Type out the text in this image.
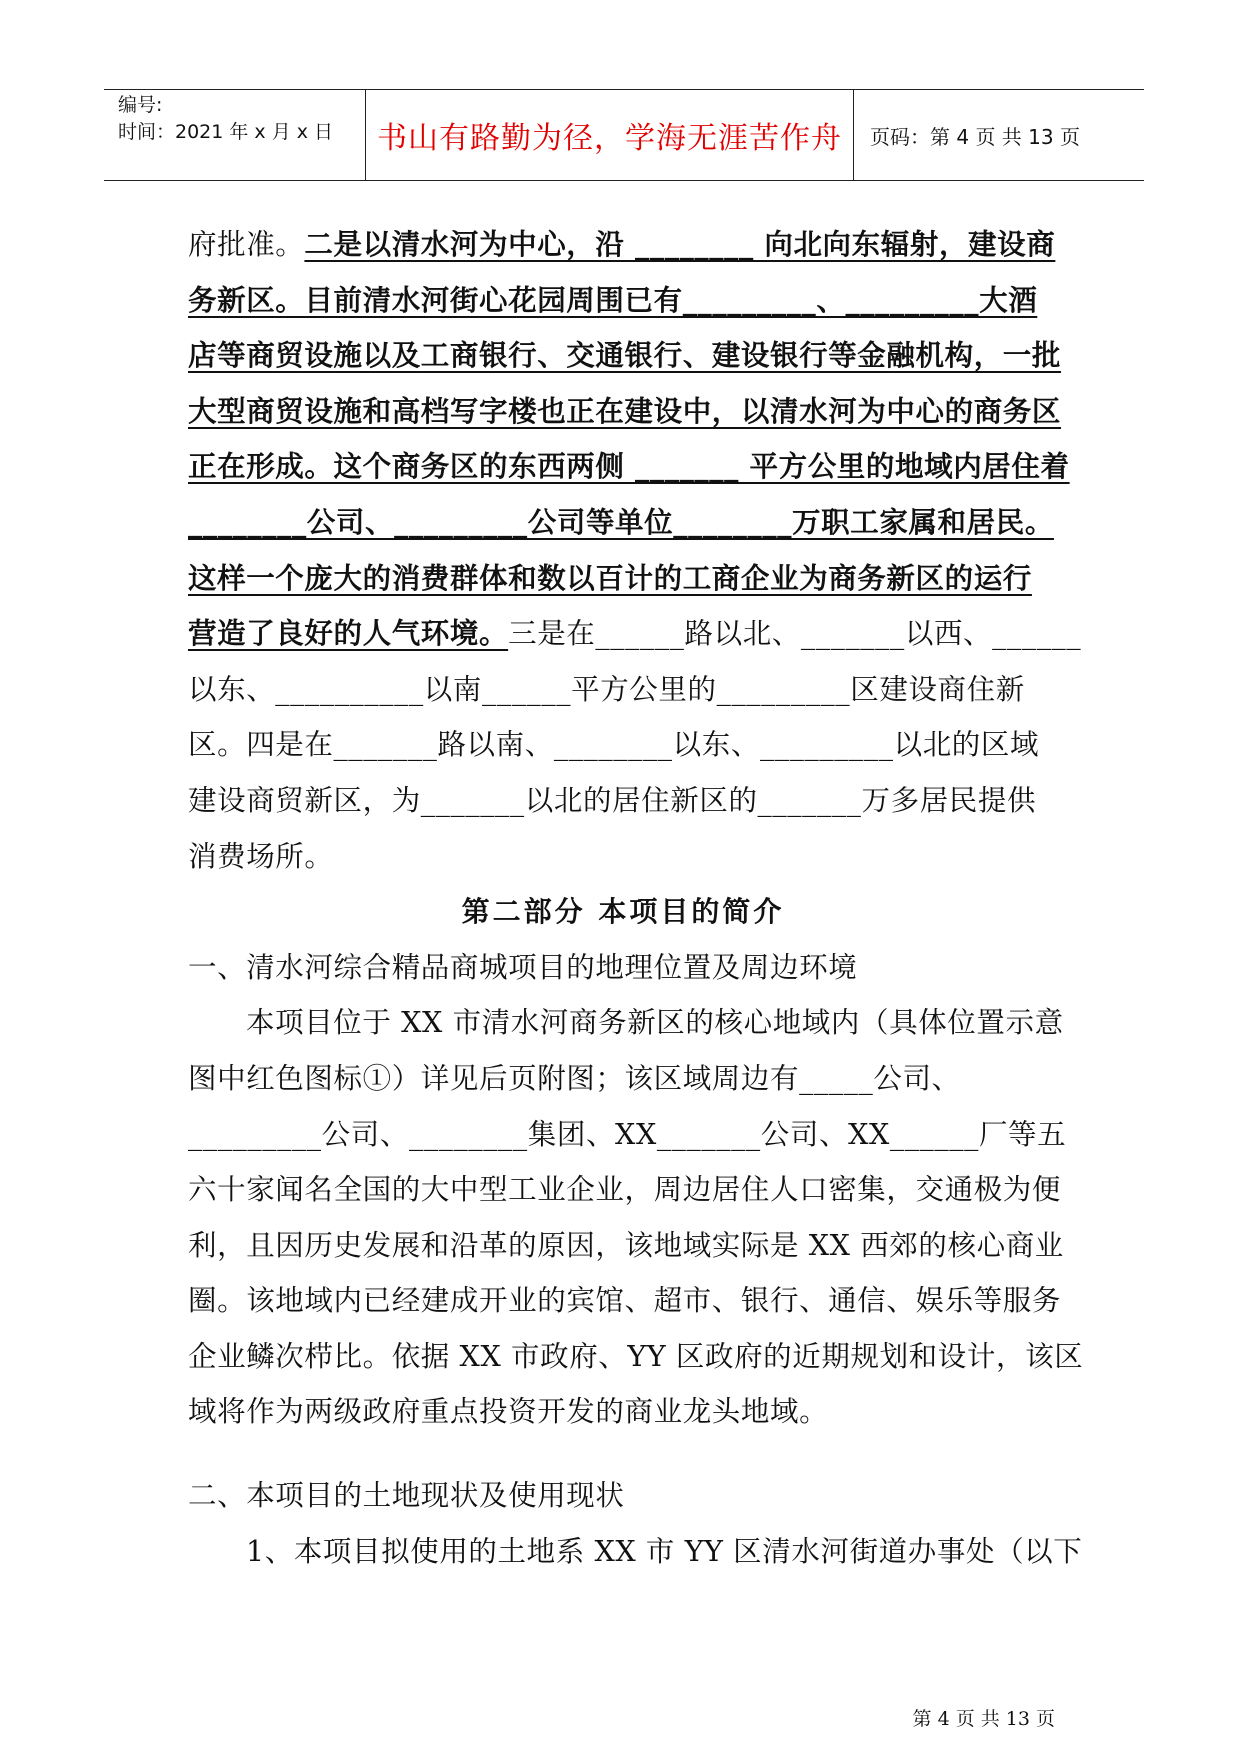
编号:
时间：2021 年 x 月 x 日	书山有路勤为径，学海无涯苦作舟	页码：第 4 页 共 13 页
府批准。二是以清水河为中心，沿 ________ 向北向东辐射，建设商
务新区。目前清水河街心花园周围已有_________、_________大酒
店等商贸设施以及工商银行、交通银行、建设银行等金融机构，一批
大型商贸设施和高档写字楼也正在建设中，以清水河为中心的商务区
正在形成。这个商务区的东西两侧 _______ 平方公里的地域内居住着
________公司、_________公司等单位________万职工家属和居民。
这样一个庞大的消费群体和数以百计的工商企业为商务新区的运行
营造了良好的人气环境。三是在______路以北、_______以西、______
以东、__________以南______平方公里的_________区建设商住新
区。四是在_______路以南、________以东、_________以北的区域
建设商贸新区，为_______以北的居住新区的_______万多居民提供
消费场所。
第二部分 本项目的简介
一、清水河综合精品商城项目的地理位置及周边环境
本项目位于 XX 市清水河商务新区的核心地域内（具体位置示意
图中红色图标①）详见后页附图；该区域周边有_____公司、
_________公司、________集团、XX_______公司、XX______厂等五
六十家闻名全国的大中型工业企业，周边居住人口密集，交通极为便
利，且因历史发展和沿革的原因，该地域实际是 XX 西郊的核心商业
圈。该地域内已经建成开业的宾馆、超市、银行、通信、娱乐等服务
企业鳞次栉比。依据 XX 市政府、YY 区政府的近期规划和设计，该区
域将作为两级政府重点投资开发的商业龙头地域。
二、本项目的土地现状及使用现状
1、本项目拟使用的土地系 XX 市 YY 区清水河街道办事处（以下
第 4 页 共 13 页
